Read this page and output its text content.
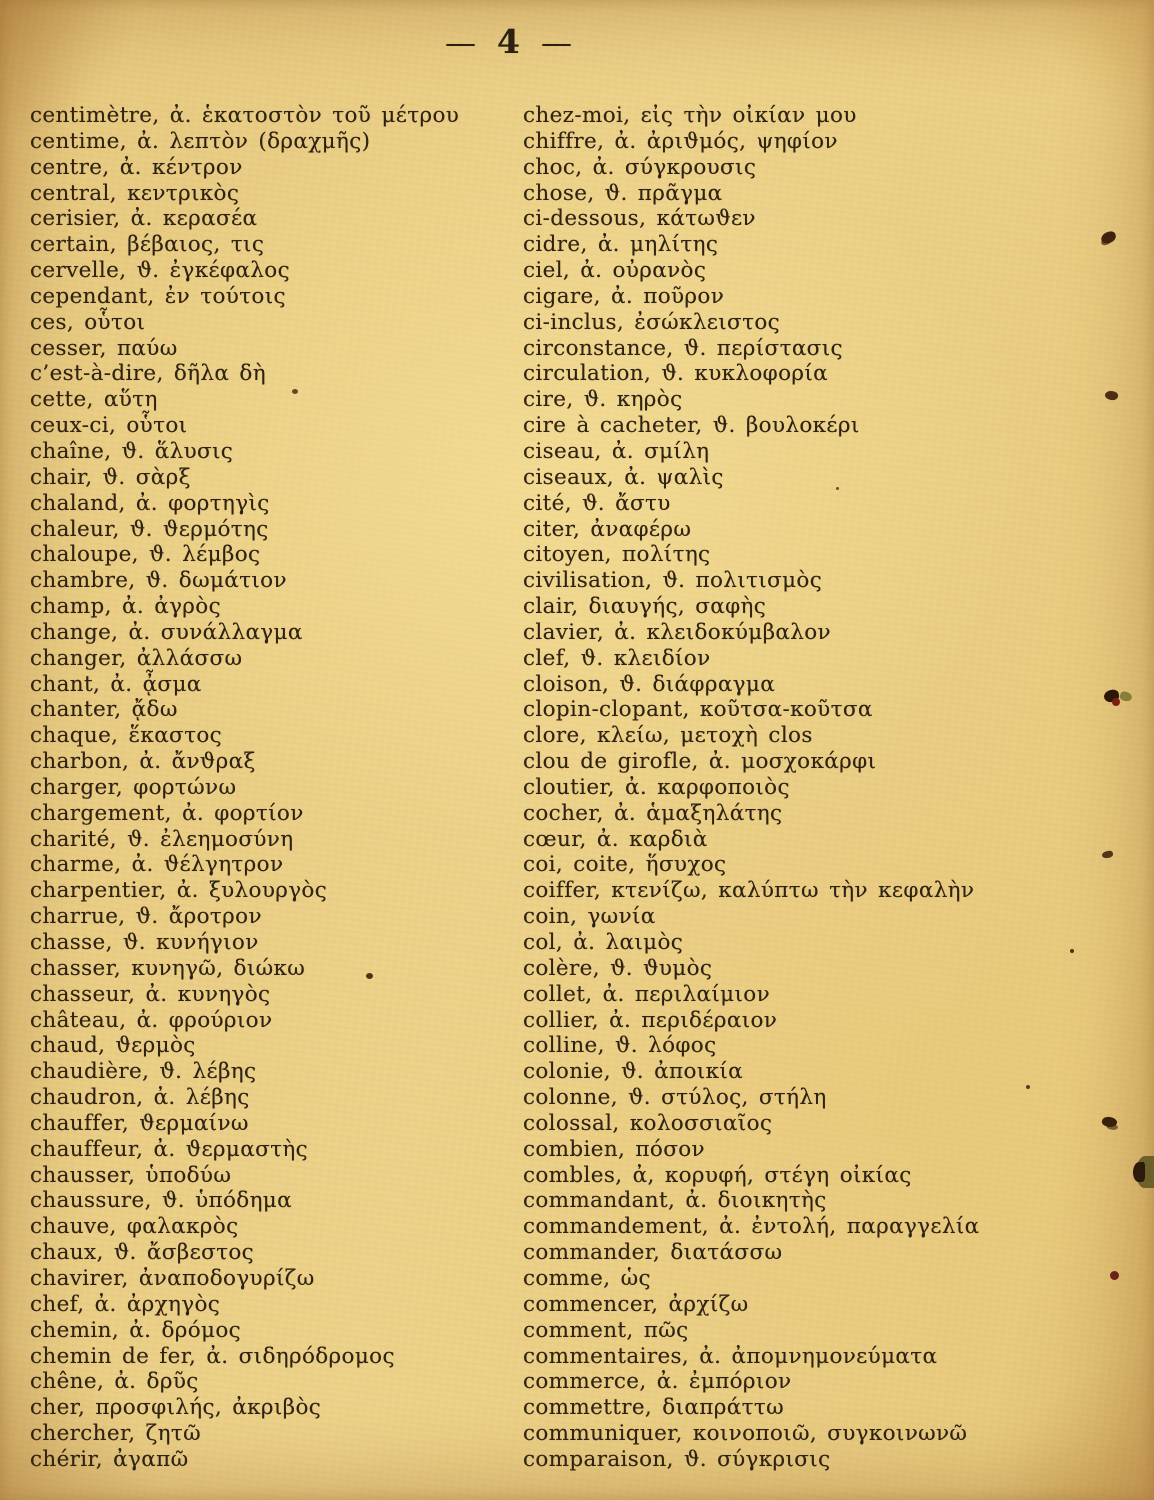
— 4 —
centimètre, ἀ. ἑκατοστὸν τοῦ μέτρου
centime, ἀ. λεπτὸν (δραχμῆς)
centre, ἀ. κέντρον
central, κεντρικὸς
cerisier, ἀ. κερασέα
certain, βέβαιος, τις
cervelle, ϑ. ἐγκέφαλος
cependant, ἐν τούτοις
ces, οὗτοι
cesser, παύω
c’est-à-dire, δῆλα δὴ
cette, αὕτη
ceux-ci, οὗτοι
chaîne, ϑ. ἅλυσις
chair, ϑ. σὰρξ
chaland, ἀ. φορτηγὶς
chaleur, ϑ. ϑερμότης
chaloupe, ϑ. λέμβος
chambre, ϑ. δωμάτιον
champ, ἀ. ἀγρὸς
change, ἀ. συνάλλαγμα
changer, ἀλλάσσω
chant, ἀ. ᾆσμα
chanter, ᾄδω
chaque, ἕκαστος
charbon, ἀ. ἄνϑραξ
charger, φορτώνω
chargement, ἀ. φορτίον
charité, ϑ. ἐλεημοσύνη
charme, ἀ. ϑέλγητρον
charpentier, ἀ. ξυλουργὸς
charrue, ϑ. ἄροτρον
chasse, ϑ. κυνήγιον
chasser, κυνηγῶ, διώκω
chasseur, ἀ. κυνηγὸς
château, ἀ. φρούριον
chaud, ϑερμὸς
chaudière, ϑ. λέβης
chaudron, ἀ. λέβης
chauffer, ϑερμαίνω
chauffeur, ἀ. ϑερμαστὴς
chausser, ὑποδύω
chaussure, ϑ. ὑπόδημα
chauve, φαλακρὸς
chaux, ϑ. ἄσβεστος
chavirer, ἀναποδογυρίζω
chef, ἀ. ἀρχηγὸς
chemin, ἀ. δρόμος
chemin de fer, ἀ. σιδηρόδρομος
chêne, ἀ. δρῦς
cher, προσφιλής, ἀκριβὸς
chercher, ζητῶ
chérir, ἀγαπῶ
chez-moi, εἰς τὴν οἰκίαν μου
chiffre, ἀ. ἀριϑμός, ψηφίον
choc, ἀ. σύγκρουσις
chose, ϑ. πρᾶγμα
ci-dessous, κάτωϑεν
cidre, ἀ. μηλίτης
ciel, ἀ. οὐρανὸς
cigare, ἀ. ποῦρον
ci-inclus, ἐσώκλειστος
circonstance, ϑ. περίστασις
circulation, ϑ. κυκλοφορία
cire, ϑ. κηρὸς
cire à cacheter, ϑ. βουλοκέρι
ciseau, ἀ. σμίλη
ciseaux, ἀ. ψαλὶς
cité, ϑ. ἄστυ
citer, ἀναφέρω
citoyen, πολίτης
civilisation, ϑ. πολιτισμὸς
clair, διαυγής, σαφὴς
clavier, ἀ. κλειδοκύμβαλον
clef, ϑ. κλειδίον
cloison, ϑ. διάφραγμα
clopin-clopant, κοῦτσα-κοῦτσα
clore, κλείω, μετοχὴ clos
clou de girofle, ἀ. μοσχοκάρφι
cloutier, ἀ. καρφοποιὸς
cocher, ἀ. ἁμαξηλάτης
cœur, ἀ. καρδιὰ
coi, coite, ἥσυχος
coiffer, κτενίζω, καλύπτω τὴν κεφαλὴν
coin, γωνία
col, ἀ. λαιμὸς
colère, ϑ. ϑυμὸς
collet, ἀ. περιλαίμιον
collier, ἀ. περιδέραιον
colline, ϑ. λόφος
colonie, ϑ. ἀποικία
colonne, ϑ. στύλος, στήλη
colossal, κολοσσιαῖος
combien, πόσον
combles, ἀ, κορυφή, στέγη οἰκίας
commandant, ἀ. διοικητὴς
commandement, ἀ. ἐντολή, παραγγελία
commander, διατάσσω
comme, ὡς
commencer, ἀρχίζω
comment, πῶς
commentaires, ἀ. ἀπομνημονεύματα
commerce, ἀ. ἐμπόριον
commettre, διαπράττω
communiquer, κοινοποιῶ, συγκοινωνῶ
comparaison, ϑ. σύγκρισις
